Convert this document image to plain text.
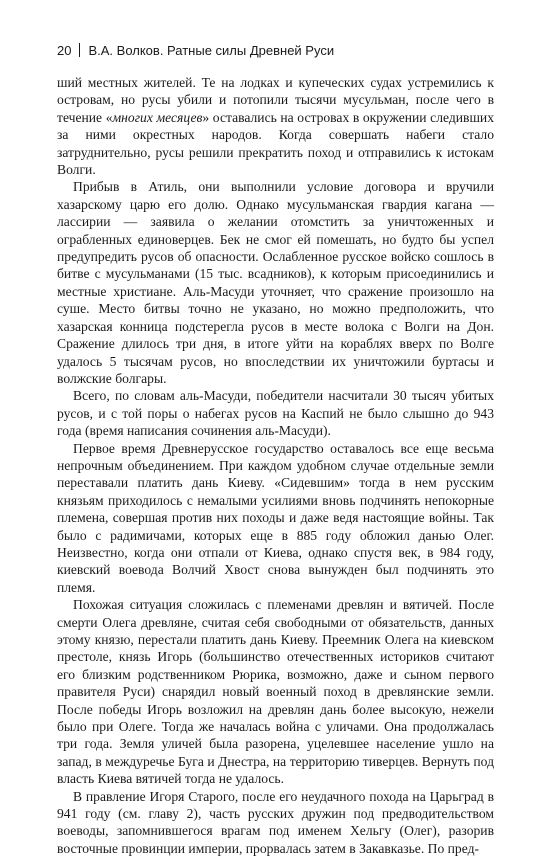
20 В.А. Волков. Ратные силы Древней Руси

ший местных жителей. Те на лодках и купеческих судах устремились к островам, но русы убили и потопили тысячи мусульман, после чего в течение «многих месяцев» оставались на островах в окружении следивших за ними окрестных народов. Когда совершать набеги стало затруднительно, русы решили прекратить поход и отправились к истокам Волги.

Прибыв в Атиль, они выполнили условие договора и вручили хазарскому царю его долю. Однако мусульманская гвардия кагана — лассирии — заявила о желании отомстить за уничтоженных и ограбленных единоверцев. Бек не смог ей помешать, но будто бы успел предупредить русов об опасности. Ослабленное русское войско сошлось в битве с мусульманами (15 тыс. всадников), к которым присоединились и местные христиане. Аль-Масуди уточняет, что сражение произошло на суше. Место битвы точно не указано, но можно предположить, что хазарская конница подстерегла русов в месте волока с Волги на Дон. Сражение длилось три дня, в итоге уйти на кораблях вверх по Волге удалось 5 тысячам русов, но впоследствии их уничтожили буртасы и волжские болгары.

Всего, по словам аль-Масуди, победители насчитали 30 тысяч убитых русов, и с той поры о набегах русов на Каспий не было слышно до 943 года (время написания сочинения аль-Масуди).

Первое время Древнерусское государство оставалось все еще весьма непрочным объединением. При каждом удобном случае отдельные земли переставали платить дань Киеву. «Сидевшим» тогда в нем русским князьям приходилось с немалыми усилиями вновь подчинять непокорные племена, совершая против них походы и даже ведя настоящие войны. Так было с радимичами, которых еще в 885 году обложил данью Олег. Неизвестно, когда они отпали от Киева, однако спустя век, в 984 году, киевский воевода Волчий Хвост снова вынужден был подчинять это племя.

Похожая ситуация сложилась с племенами древлян и вятичей. После смерти Олега древляне, считая себя свободными от обязательств, данных этому князю, перестали платить дань Киеву. Преемник Олега на киевском престоле, князь Игорь (большинство отечественных историков считают его близким родственником Рюрика, возможно, даже и сыном первого правителя Руси) снарядил новый военный поход в древлянские земли. После победы Игорь возложил на древлян дань более высокую, нежели было при Олеге. Тогда же началась война с уличами. Она продолжалась три года. Земля уличей была разорена, уцелевшее население ушло на запад, в междуречье Буга и Днестра, на территорию тиверцев. Вернуть под власть Киева вятичей тогда не удалось.

В правление Игоря Старого, после его неудачного похода на Царьград в 941 году (см. главу 2), часть русских дружин под предводительством воеводы, запомнившегося врагам под именем Хельгу (Олег), разорив восточные провинции империи, прорвалась затем в Закавказье. По пред-
